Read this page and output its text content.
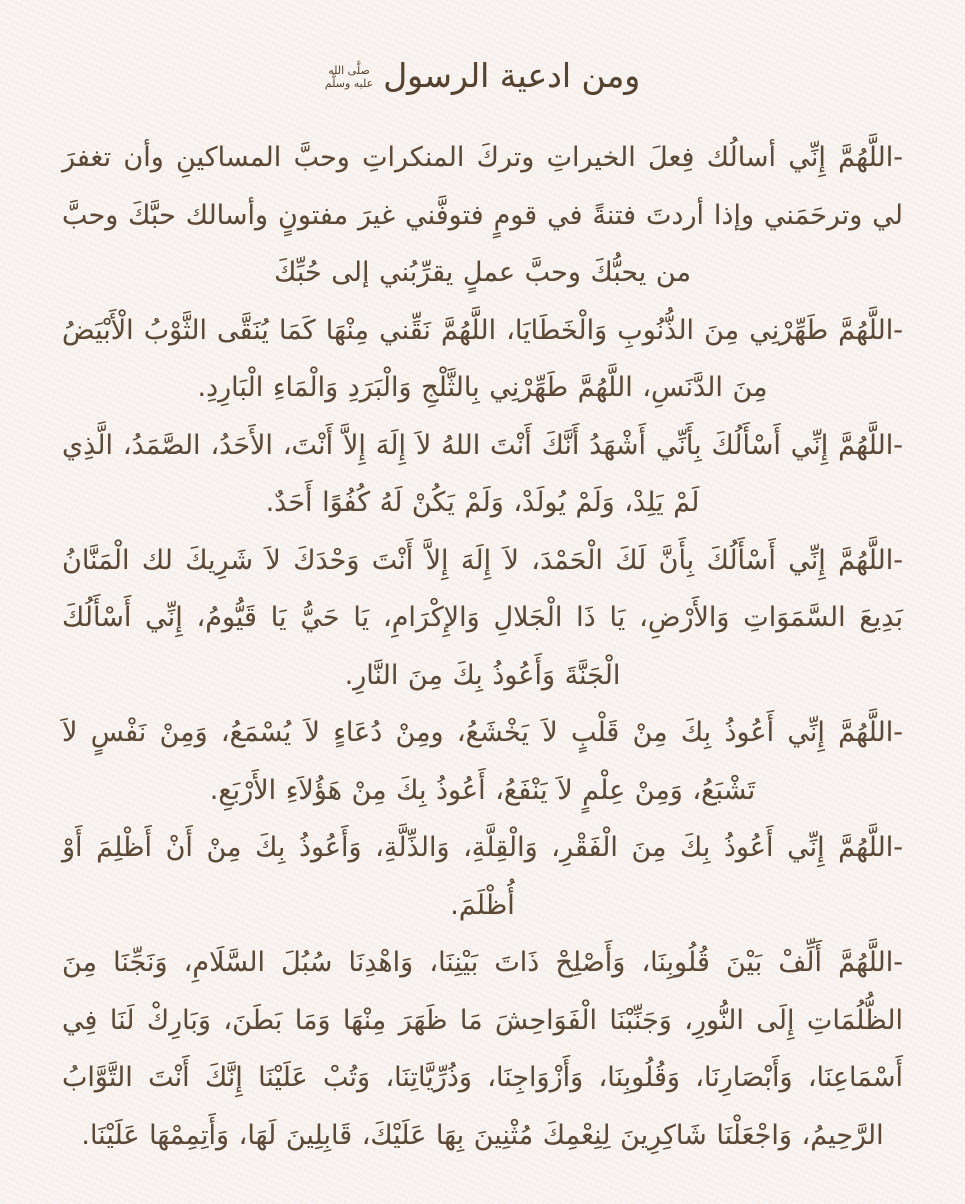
ومن ادعية الرسول
صلَّى الله
عليه وسلَّم

-اللَّهُمَّ إِنِّي أسالُك فِعلَ الخيراتِ وتركَ المنكراتِ وحبَّ المساكينِ وأن تغفرَ لي وترحَمَني وإذا أردتَ فتنةً في قومٍ فتوفَّني غيرَ مفتونٍ وأسالك حبَّكَ وحبَّ من يحبُّكَ وحبَّ عملٍ يقرِّبُني إلى حُبِّكَ

-اللَّهُمَّ طَهِّرْنِي مِنَ الذُّنُوبِ وَالْخَطَايَا، اللَّهُمَّ نَقِّني مِنْهَا كَمَا يُنَقَّى الثَّوْبُ الْأَبْيَضُ مِنَ الدَّنَسِ، اللَّهُمَّ طَهِّرْنِي بِالثَّلْجِ وَالْبَرَدِ وَالْمَاءِ الْبَارِدِ.

-اللَّهُمَّ إِنِّي أَسْأَلُكَ بِأَنِّي أَشْهَدُ أَنَّكَ أَنْتَ اللهُ لاَ إِلَهَ إِلاَّ أَنْتَ، الأَحَدُ، الصَّمَدُ، الَّذِي لَمْ يَلِدْ، وَلَمْ يُولَدْ، وَلَمْ يَكُنْ لَهُ كُفُوًا أَحَدٌ.

-اللَّهُمَّ إِنِّي أَسْأَلُكَ بِأَنَّ لَكَ الْحَمْدَ، لاَ إِلَهَ إِلاَّ أَنْتَ وَحْدَكَ لاَ شَرِيكَ لك الْمَنَّانُ بَدِيعَ السَّمَوَاتِ وَالأَرْضِ، يَا ذَا الْجَلالِ وَالإِكْرَامِ، يَا حَيُّ يَا قَيُّومُ، إِنِّي أَسْأَلُكَ الْجَنَّةَ وَأَعُوذُ بِكَ مِنَ النَّارِ.

-اللَّهُمَّ إِنِّي أَعُوذُ بِكَ مِنْ قَلْبٍ لاَ يَخْشَعُ، ومِنْ دُعَاءٍ لاَ يُسْمَعُ، وَمِنْ نَفْسٍ لاَ تَشْبَعُ، وَمِنْ عِلْمٍ لاَ يَنْفَعُ، أَعُوذُ بِكَ مِنْ هَؤُلاَءِ الأَرْبَعِ.

-اللَّهُمَّ إِنِّي أَعُوذُ بِكَ مِنَ الْفَقْرِ، وَالْقِلَّةِ، وَالذِّلَّةِ، وَأَعُوذُ بِكَ مِنْ أَنْ أَظْلِمَ أَوْ أُظْلَمَ.

-اللَّهُمَّ أَلِّفْ بَيْنَ قُلُوبِنَا، وَأَصْلِحْ ذَاتَ بَيْنِنَا، وَاهْدِنَا سُبُلَ السَّلَامِ، وَنَجِّنَا مِنَ الظُّلُمَاتِ إِلَى النُّورِ، وَجَنِّبْنَا الْفَوَاحِشَ مَا ظَهَرَ مِنْهَا وَمَا بَطَنَ، وَبَارِكْ لَنَا فِي أَسْمَاعِنَا، وَأَبْصَارِنَا، وَقُلُوبِنَا، وَأَزْوَاجِنَا، وَذُرِّيَّاتِنَا، وَتُبْ عَلَيْنَا إِنَّكَ أَنْتَ التَّوَّابُ الرَّحِيمُ، وَاجْعَلْنَا شَاكِرِينَ لِنِعْمِكَ مُثْنِينَ بِهَا عَلَيْكَ، قَابِلِينَ لَهَا، وَأَتِمِمْهَا عَلَيْنَا.
